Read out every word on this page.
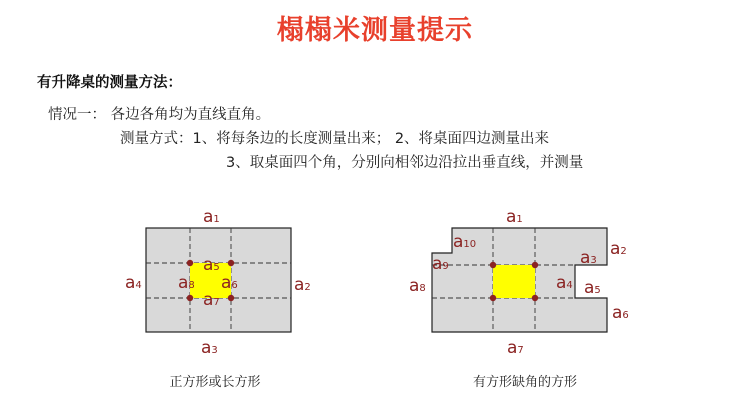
榻榻米测量提示
有升降桌的测量方法：
情况一： 各边各角均为直线直角。
测量方式：1、将每条边的长度测量出来； 2、将桌面四边测量出来
3、取桌面四个角，分别向相邻边沿拉出垂直线，并测量
a1
a2
a3
a4
a5
a6
a7
a8
a1
a2
a3
a4 a5
a6
a7
a8
a9
a10
正方形或长方形	有方形缺角的方形
